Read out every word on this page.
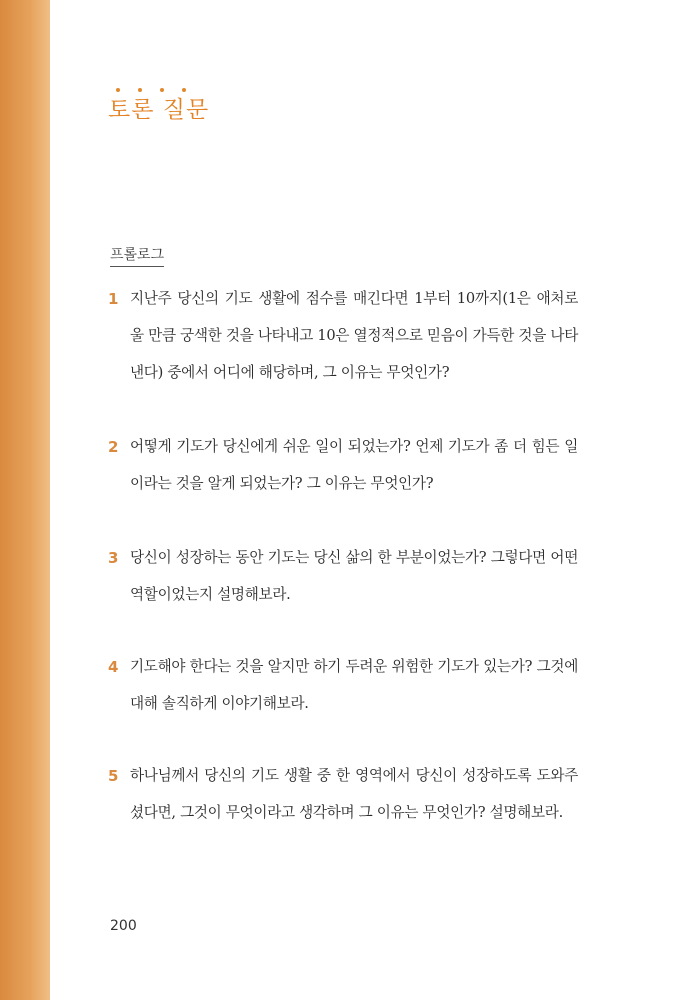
토론 질문
프롤로그
1 지난주 당신의 기도 생활에 점수를 매긴다면 1부터 10까지(1은 애처로울 만큼 궁색한 것을 나타내고 10은 열정적으로 믿음이 가득한 것을 나타낸다) 중에서 어디에 해당하며, 그 이유는 무엇인가?
2 어떻게 기도가 당신에게 쉬운 일이 되었는가? 언제 기도가 좀 더 힘든 일이라는 것을 알게 되었는가? 그 이유는 무엇인가?
3 당신이 성장하는 동안 기도는 당신 삶의 한 부분이었는가? 그렇다면 어떤 역할이었는지 설명해보라.
4 기도해야 한다는 것을 알지만 하기 두려운 위험한 기도가 있는가? 그것에 대해 솔직하게 이야기해보라.
5 하나님께서 당신의 기도 생활 중 한 영역에서 당신이 성장하도록 도와주셨다면, 그것이 무엇이라고 생각하며 그 이유는 무엇인가? 설명해보라.
200
